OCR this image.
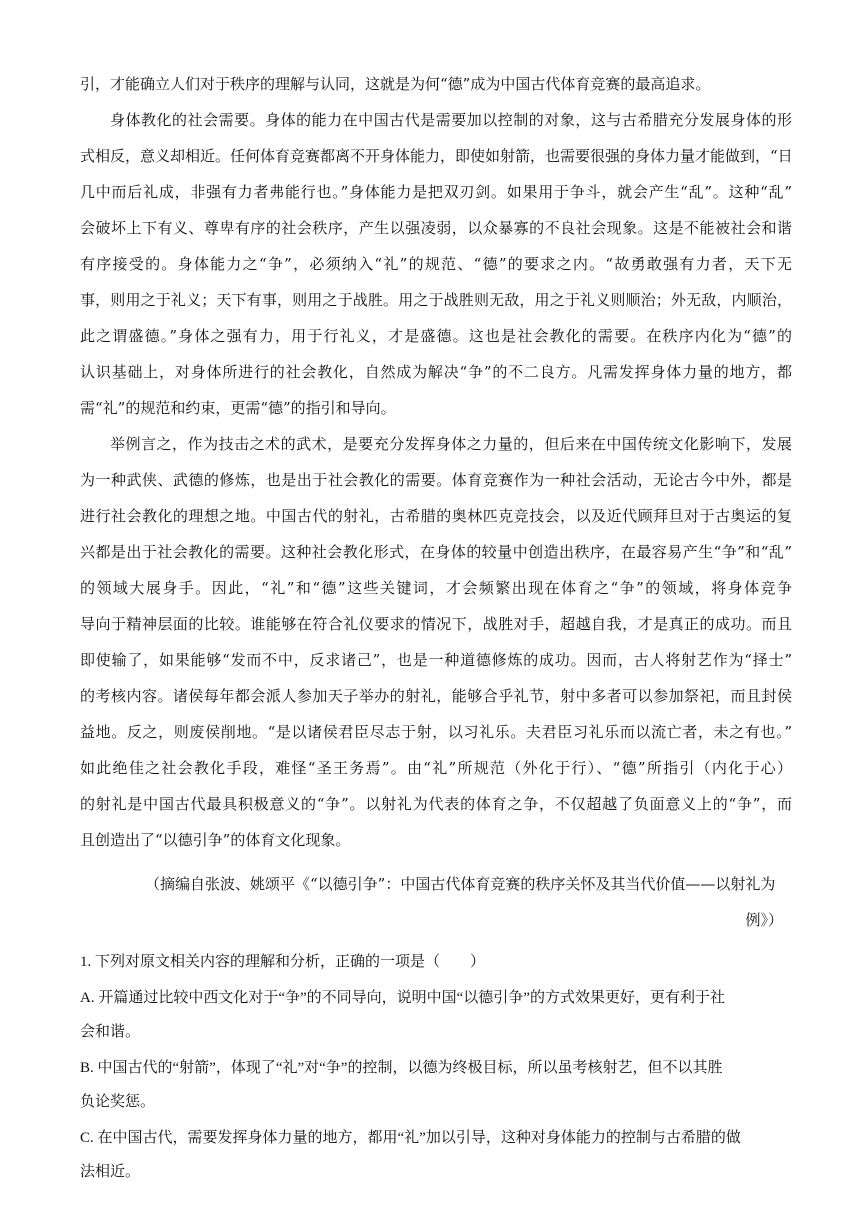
引，才能确立人们对于秩序的理解与认同，这就是为何“德”成为中国古代体育竞赛的最高追求。
身体教化的社会需要。身体的能力在中国古代是需要加以控制的对象，这与古希腊充分发展身体的形
式相反，意义却相近。任何体育竞赛都离不开身体能力，即使如射箭，也需要很强的身体力量才能做到，“日
几中而后礼成，非强有力者弗能行也。”身体能力是把双刃剑。如果用于争斗，就会产生“乱”。这种“乱”
会破坏上下有义、尊卑有序的社会秩序，产生以强凌弱，以众暴寡的不良社会现象。这是不能被社会和谐
有序接受的。身体能力之“争”，必须纳入“礼”的规范、“德”的要求之内。“故勇敢强有力者，天下无
事，则用之于礼义；天下有事，则用之于战胜。用之于战胜则无敌，用之于礼义则顺治；外无敌，内顺治，
此之谓盛德。”身体之强有力，用于行礼义，才是盛德。这也是社会教化的需要。在秩序内化为“德”的
认识基础上，对身体所进行的社会教化，自然成为解决“争”的不二良方。凡需发挥身体力量的地方，都
需“礼”的规范和约束，更需“德”的指引和导向。
举例言之，作为技击之术的武术，是要充分发挥身体之力量的，但后来在中国传统文化影响下，发展
为一种武侠、武德的修炼，也是出于社会教化的需要。体育竞赛作为一种社会活动，无论古今中外，都是
进行社会教化的理想之地。中国古代的射礼，古希腊的奥林匹克竞技会，以及近代顾拜旦对于古奥运的复
兴都是出于社会教化的需要。这种社会教化形式，在身体的较量中创造出秩序，在最容易产生“争”和“乱”
的领域大展身手。因此，“礼”和“德”这些关键词，才会频繁出现在体育之“争”的领域，将身体竞争
导向于精神层面的比较。谁能够在符合礼仪要求的情况下，战胜对手，超越自我，才是真正的成功。而且
即使输了，如果能够“发而不中，反求诸己”，也是一种道德修炼的成功。因而，古人将射艺作为“择士”
的考核内容。诸侯每年都会派人参加天子举办的射礼，能够合乎礼节，射中多者可以参加祭祀，而且封侯
益地。反之，则废侯削地。“是以诸侯君臣尽志于射，以习礼乐。夫君臣习礼乐而以流亡者，未之有也。”
如此绝佳之社会教化手段，难怪“圣王务焉”。由“礼”所规范（外化于行）、“德”所指引（内化于心）
的射礼是中国古代最具积极意义的“争”。以射礼为代表的体育之争，不仅超越了负面意义上的“争”，而
且创造出了“以德引争”的体育文化现象。
（摘编自张波、姚颂平《“以德引争”：中国古代体育竞赛的秩序关怀及其当代价值——以射礼为
例》）
1. 下列对原文相关内容的理解和分析，正确的一项是（　　）
A. 开篇通过比较中西文化对于“争”的不同导向，说明中国“以德引争”的方式效果更好，更有利于社
会和谐。
B. 中国古代的“射箭”，体现了“礼”对“争”的控制，以德为终极目标，所以虽考核射艺，但不以其胜
负论奖惩。
C. 在中国古代，需要发挥身体力量的地方，都用“礼”加以引导，这种对身体能力的控制与古希腊的做
法相近。
